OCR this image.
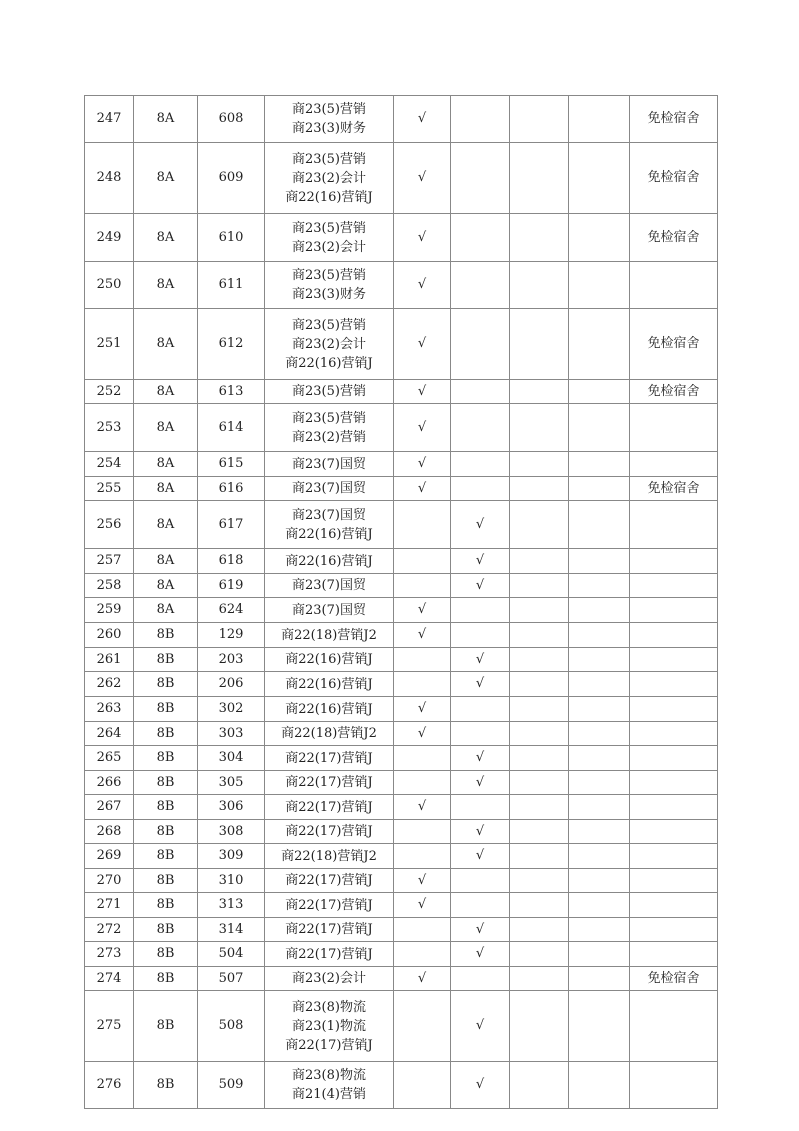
247	8A	608	商23(5)营销
商23(3)财务	√				免检宿舍
248	8A	609	商23(5)营销
商23(2)会计
商22(16)营销J	√				免检宿舍
249	8A	610	商23(5)营销
商23(2)会计	√				免检宿舍
250	8A	611	商23(5)营销
商23(3)财务	√				
251	8A	612	商23(5)营销
商23(2)会计
商22(16)营销J	√				免检宿舍
252	8A	613	商23(5)营销	√				免检宿舍
253	8A	614	商23(5)营销
商23(2)营销	√				
254	8A	615	商23(7)国贸	√				
255	8A	616	商23(7)国贸	√				免检宿舍
256	8A	617	商23(7)国贸
商22(16)营销J		√			
257	8A	618	商22(16)营销J		√			
258	8A	619	商23(7)国贸		√			
259	8A	624	商23(7)国贸	√				
260	8B	129	商22(18)营销J2	√				
261	8B	203	商22(16)营销J		√			
262	8B	206	商22(16)营销J		√			
263	8B	302	商22(16)营销J	√				
264	8B	303	商22(18)营销J2	√				
265	8B	304	商22(17)营销J		√			
266	8B	305	商22(17)营销J		√			
267	8B	306	商22(17)营销J	√				
268	8B	308	商22(17)营销J		√			
269	8B	309	商22(18)营销J2		√			
270	8B	310	商22(17)营销J	√				
271	8B	313	商22(17)营销J	√				
272	8B	314	商22(17)营销J		√			
273	8B	504	商22(17)营销J		√			
274	8B	507	商23(2)会计	√				免检宿舍
275	8B	508	商23(8)物流
商23(1)物流
商22(17)营销J		√			
276	8B	509	商23(8)物流
商21(4)营销		√			
